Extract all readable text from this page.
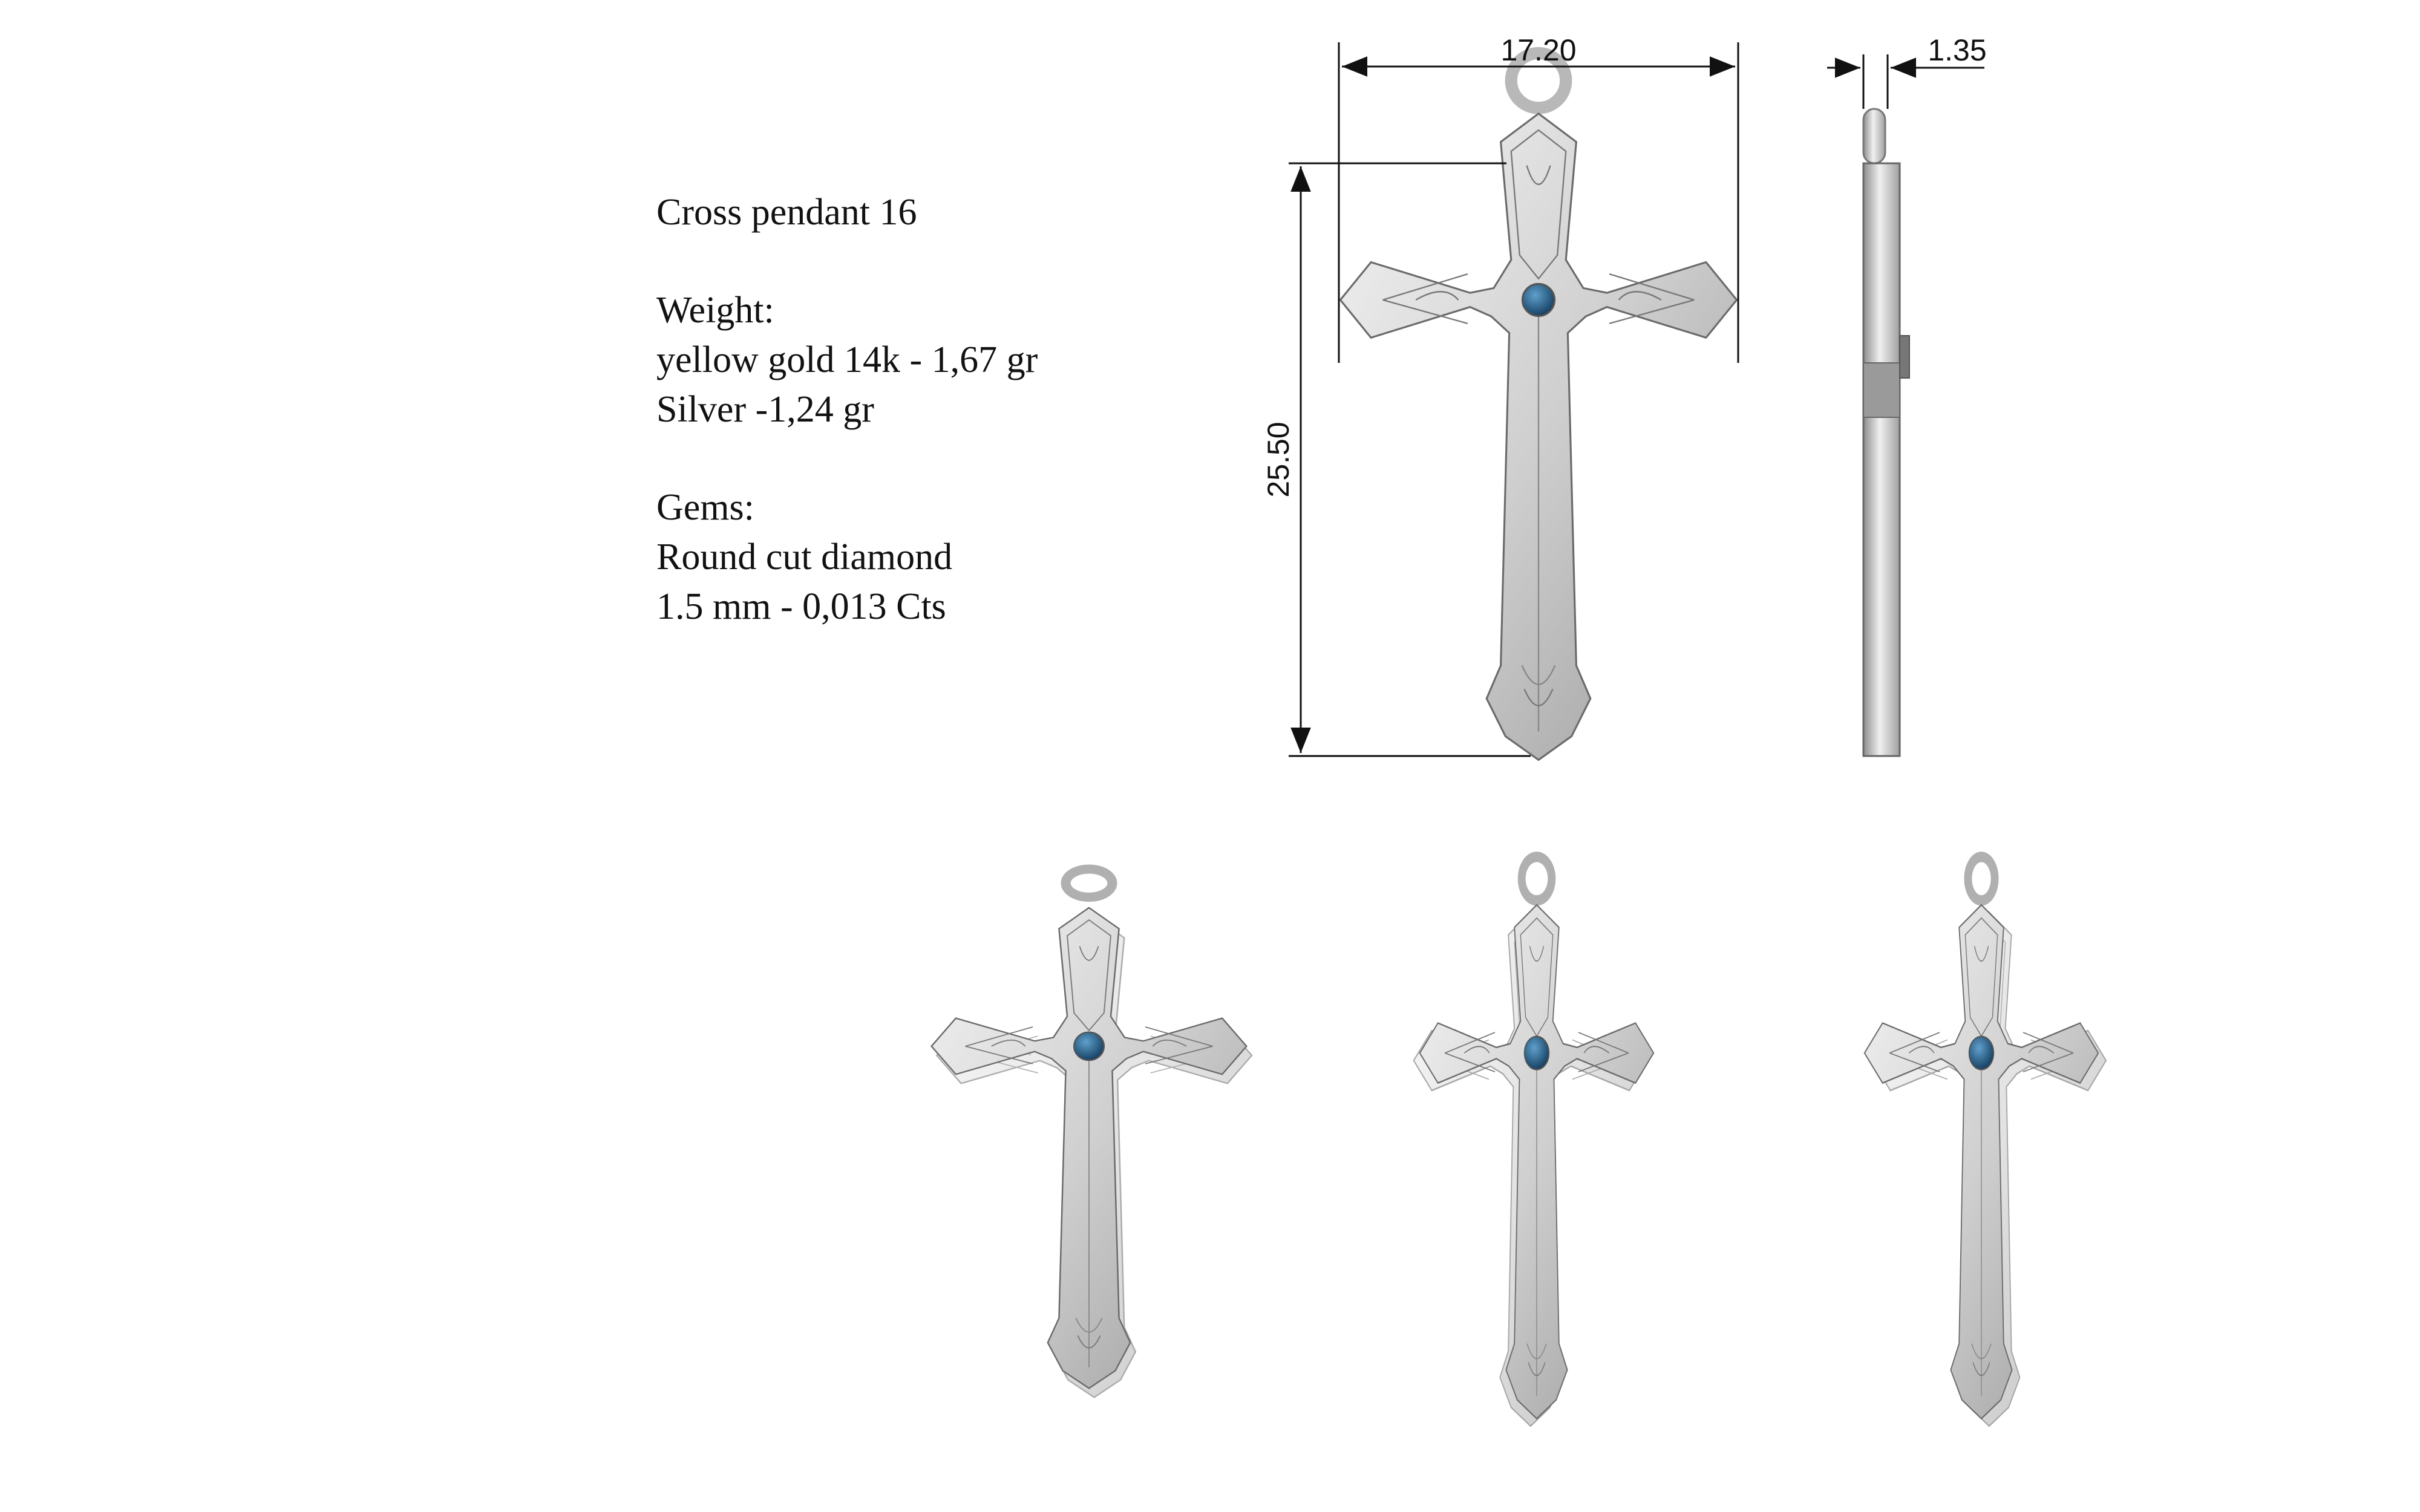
Cross pendant 16
Weight:
yellow gold 14k - 1,67 gr
Silver -1,24 gr
Gems:
Round cut diamond
1.5 mm - 0,013 Cts
17.20
25.50
1.35
